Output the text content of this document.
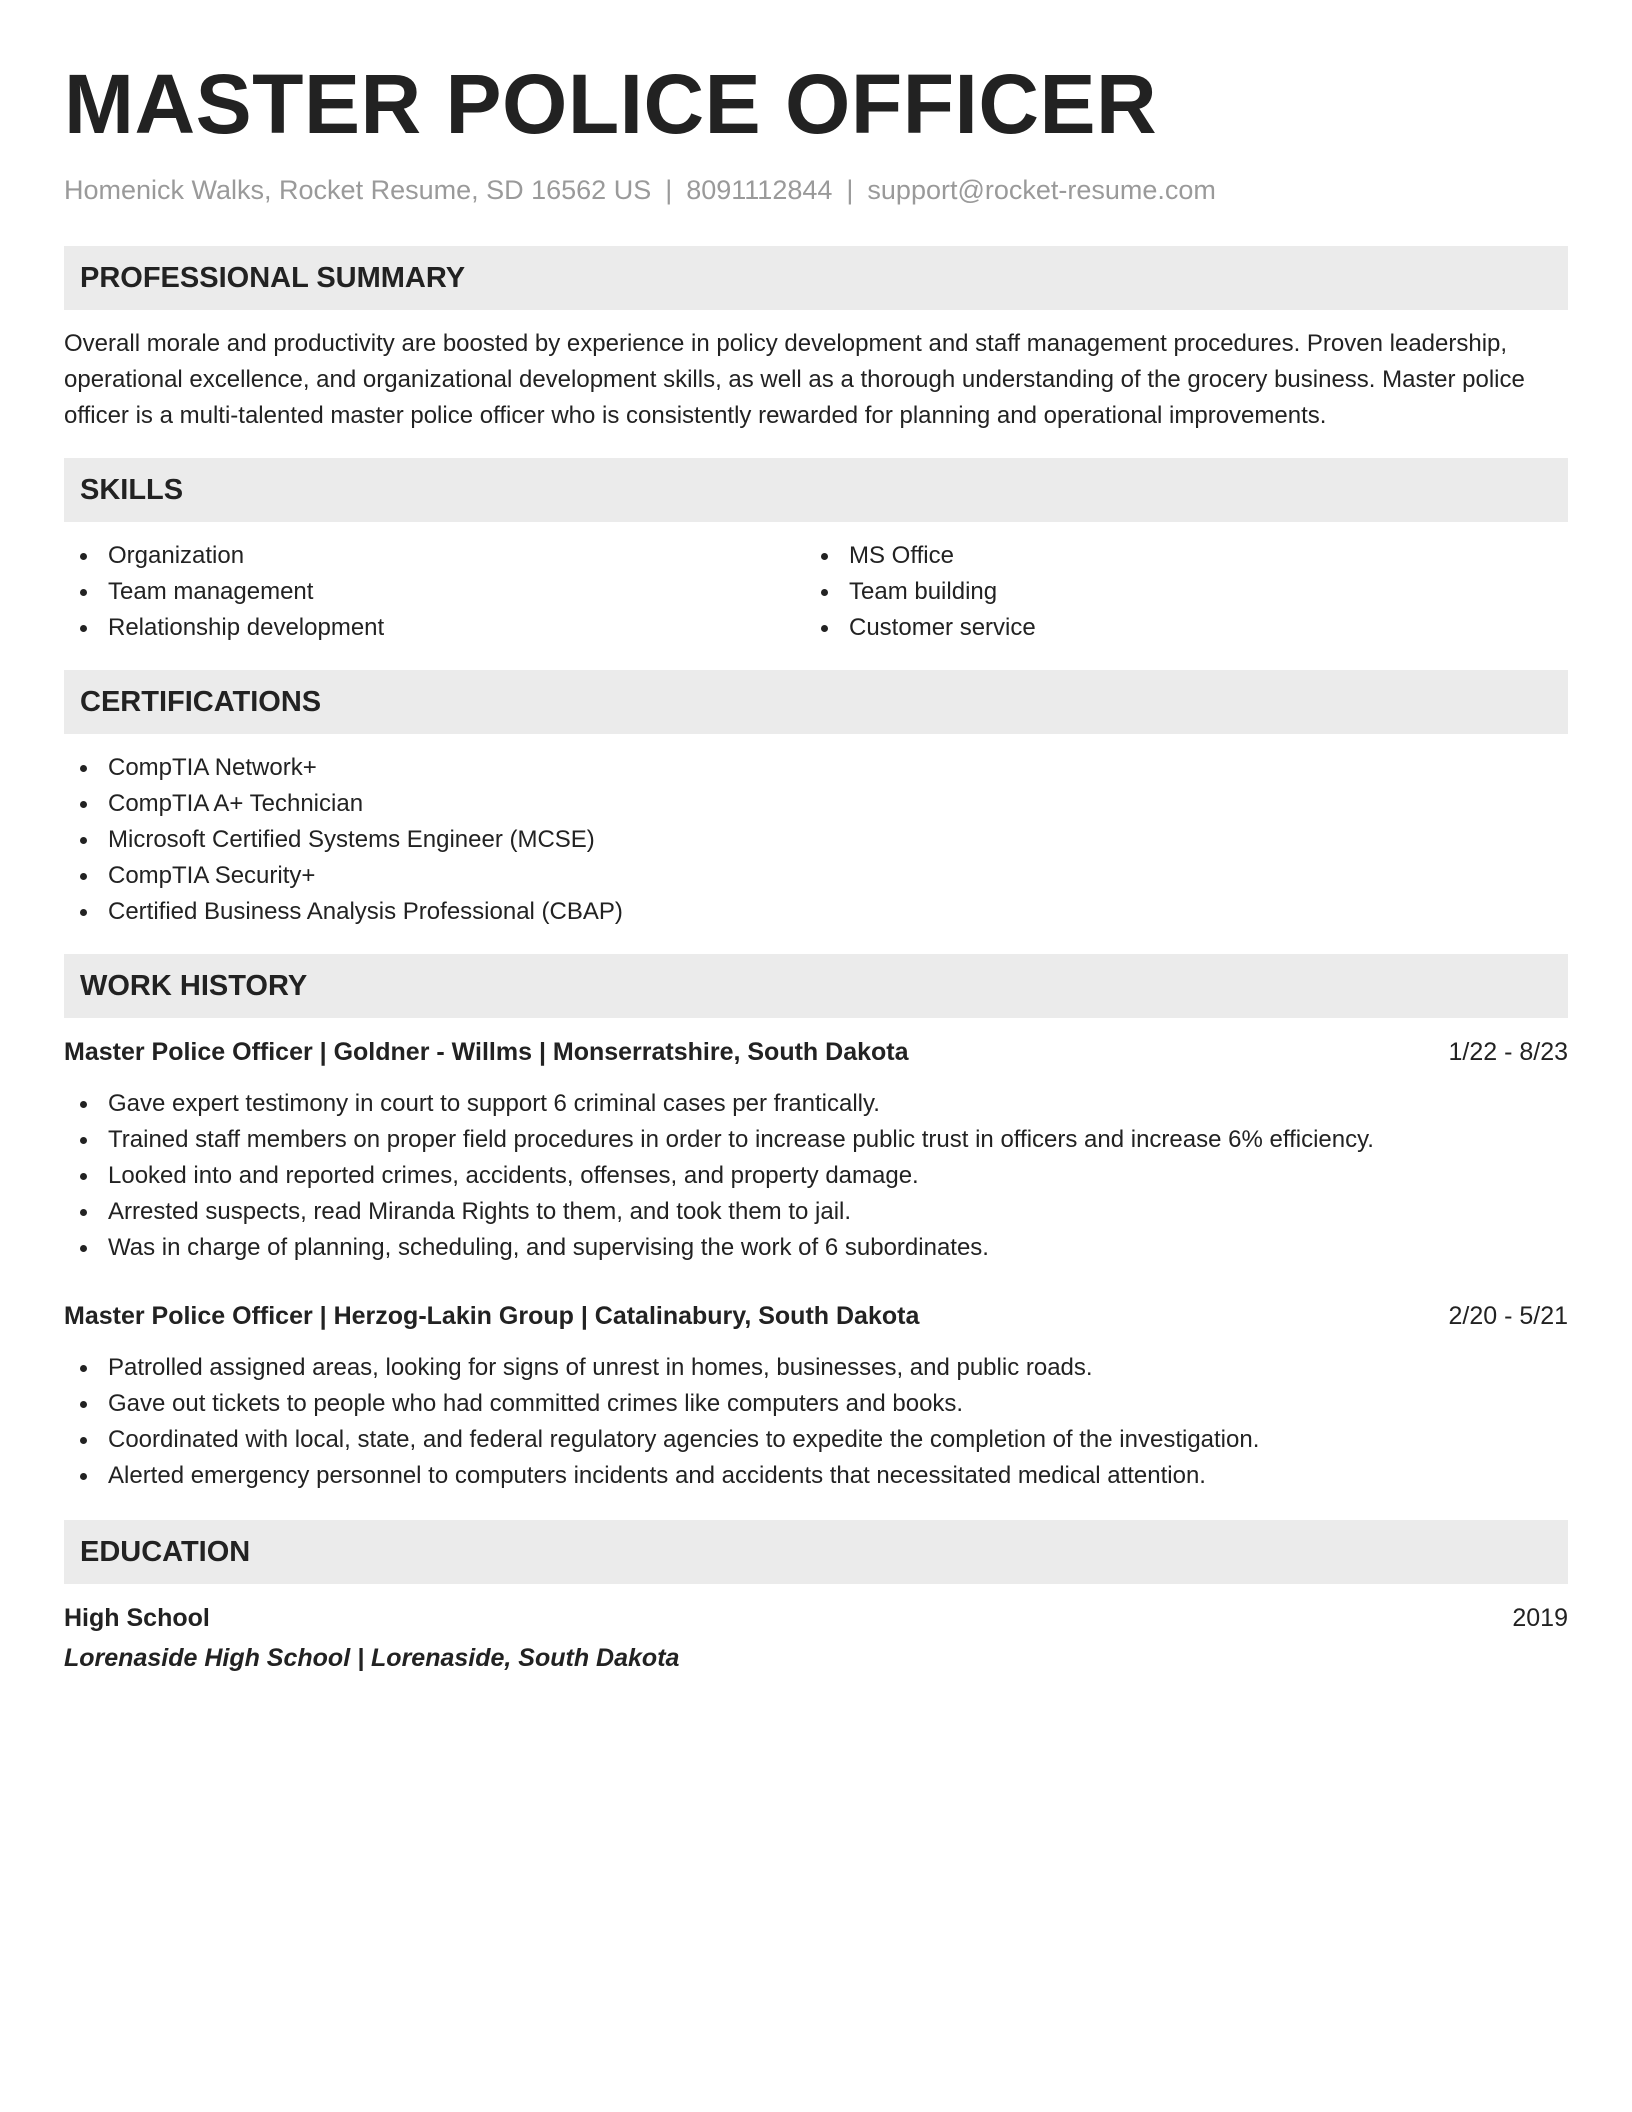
MASTER POLICE OFFICER
Homenick Walks, Rocket Resume, SD 16562 US | 8091112844 | support@rocket-resume.com
PROFESSIONAL SUMMARY

Overall morale and productivity are boosted by experience in policy development and staff management procedures. Proven leadership, operational excellence, and organizational development skills, as well as a thorough understanding of the grocery business. Master police officer is a multi-talented master police officer who is consistently rewarded for planning and operational improvements.

SKILLS
Organization
Team management
Relationship development
MS Office
Team building
Customer service
CERTIFICATIONS
CompTIA Network+
CompTIA A+ Technician
Microsoft Certified Systems Engineer (MCSE)
CompTIA Security+
Certified Business Analysis Professional (CBAP)
WORK HISTORY
Master Police Officer | Goldner - Willms | Monserratshire, South Dakota	1/22 - 8/23
Gave expert testimony in court to support 6 criminal cases per frantically.
Trained staff members on proper field procedures in order to increase public trust in officers and increase 6% efficiency.
Looked into and reported crimes, accidents, offenses, and property damage.
Arrested suspects, read Miranda Rights to them, and took them to jail.
Was in charge of planning, scheduling, and supervising the work of 6 subordinates.
Master Police Officer | Herzog-Lakin Group | Catalinabury, South Dakota	2/20 - 5/21
Patrolled assigned areas, looking for signs of unrest in homes, businesses, and public roads.
Gave out tickets to people who had committed crimes like computers and books.
Coordinated with local, state, and federal regulatory agencies to expedite the completion of the investigation.
Alerted emergency personnel to computers incidents and accidents that necessitated medical attention.
EDUCATION
High School	2019
Lorenaside High School | Lorenaside, South Dakota
